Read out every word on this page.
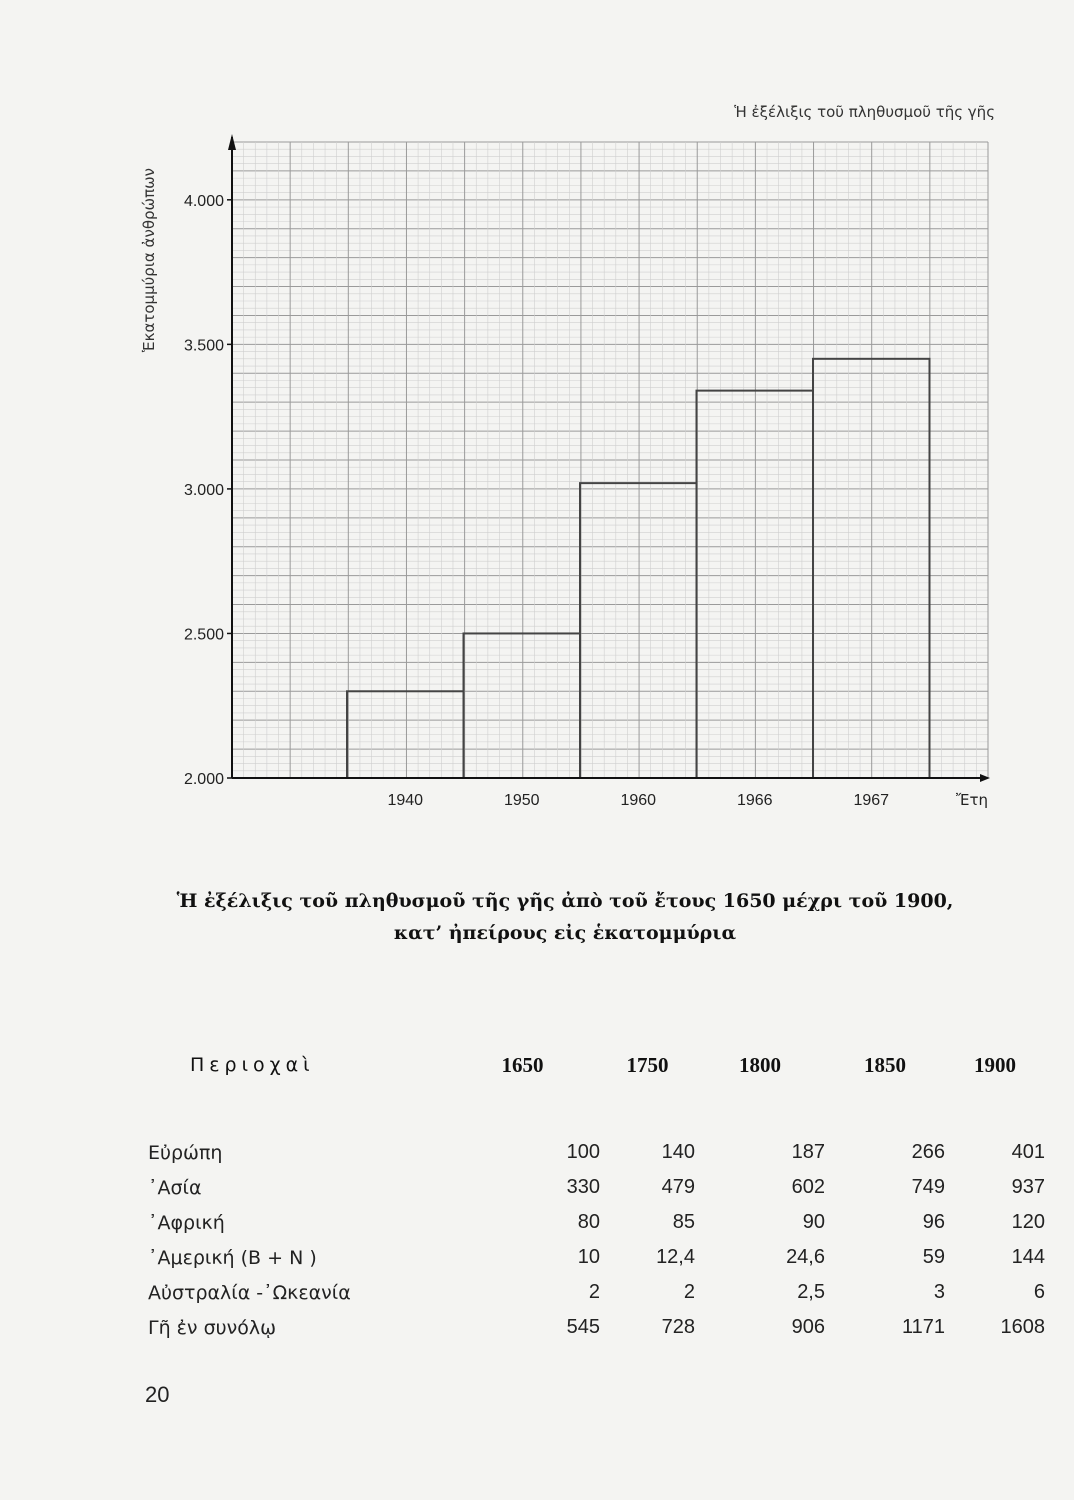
Ἡ ἐξέλιξις τοῦ πληθυσμοῦ τῆς γῆς
Ἑκατομμύρια ἀνθρώπων
1940	1950	1960	1966	1967
2.000
2.500
3.000
3.500
4.000
Ἔτη
Ἡ ἐξέλιξις τοῦ πληθυσμοῦ τῆς γῆς ἀπὸ τοῦ ἔτους 1650 μέχρι τοῦ 1900,
κατ’ ἠπείρους εἰς ἑκατομμύρια
Περιοχαὶ	1650	1750	1800	1850	1900

Εὐρώπη	100	140	187	266	401
᾿Ασία	330	479	602	749	937
᾿Αφρική	80	85	90	96	120
᾿Αμερική (Β + Ν )	10	12,4	24,6	59	144
Αὐστραλία -᾿Ωκεανία	2	2	2,5	3	6
Γῆ ἐν συνόλῳ	545	728	906	1171	1608
20
